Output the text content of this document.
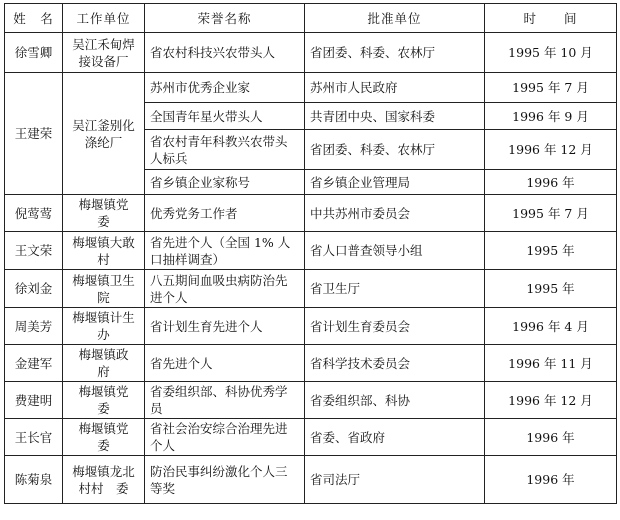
姓　名	工作单位	荣誉名称	批准单位	时　　间
徐雪卿	吴江禾甸焊接设备厂	省农村科技兴农带头人	省团委、科委、农林厅	1995 年 10 月
王建荣	吴江釜别化涤纶厂	苏州市优秀企业家	苏州市人民政府	1995 年 7 月
		全国青年星火带头人	共青团中央、国家科委	1996 年 9 月
		省农村青年科教兴农带头人标兵	省团委、科委、农林厅	1996 年 12 月
		省乡镇企业家称号	省乡镇企业管理局	1996 年
倪莺莺	梅堰镇党　委	优秀党务工作者	中共苏州市委员会	1995 年 7 月
王文荣	梅堰镇大敢村	省先进个人（全国 1% 人口抽样调查）	省人口普查领导小组	1995 年
徐刘金	梅堰镇卫生院	八五期间血吸虫病防治先进个人	省卫生厅	1995 年
周美芳	梅堰镇计生办	省计划生育先进个人	省计划生育委员会	1996 年 4 月
金建军	梅堰镇政　府	省先进个人	省科学技术委员会	1996 年 11 月
费建明	梅堰镇党　委	省委组织部、科协优秀学员	省委组织部、科协	1996 年 12 月
王长官	梅堰镇党　委	省社会治安综合治理先进个人	省委、省政府	1996 年
陈菊泉	梅堰镇龙北村村　委	防治民事纠纷激化个人三等奖	省司法厅	1996 年
